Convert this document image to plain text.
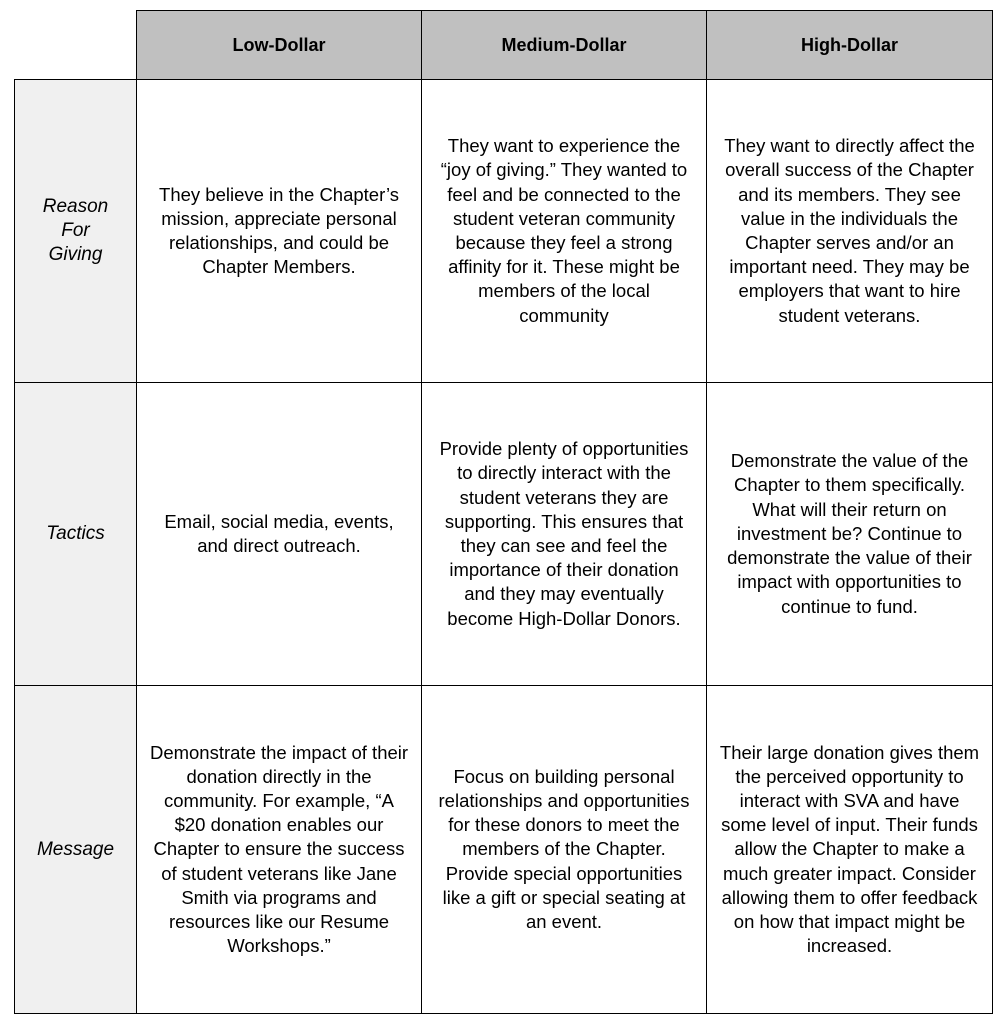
Low-Dollar	Medium-Dollar	High-Dollar
Reason
For
Giving
They believe in the Chapter’s mission, appreciate personal relationships, and could be Chapter Members.
They want to experience the “joy of giving.” They wanted to feel and be connected to the student veteran community because they feel a strong affinity for it. These might be members of the local community
They want to directly affect the overall success of the Chapter and its members. They see value in the individuals the Chapter serves and/or an important need. They may be employers that want to hire student veterans.
Tactics
Email, social media, events, and direct outreach.
Provide plenty of opportunities to directly interact with the student veterans they are supporting. This ensures that they can see and feel the importance of their donation and they may eventually become High-Dollar Donors.
Demonstrate the value of the Chapter to them specifically. What will their return on investment be? Continue to demonstrate the value of their impact with opportunities to continue to fund.
Message
Demonstrate the impact of their donation directly in the community. For example, “A $20 donation enables our Chapter to ensure the success of student veterans like Jane Smith via programs and resources like our Resume Workshops.”
Focus on building personal relationships and opportunities for these donors to meet the members of the Chapter. Provide special opportunities like a gift or special seating at an event.
Their large donation gives them the perceived opportunity to interact with SVA and have some level of input. Their funds allow the Chapter to make a much greater impact. Consider allowing them to offer feedback on how that impact might be increased.
